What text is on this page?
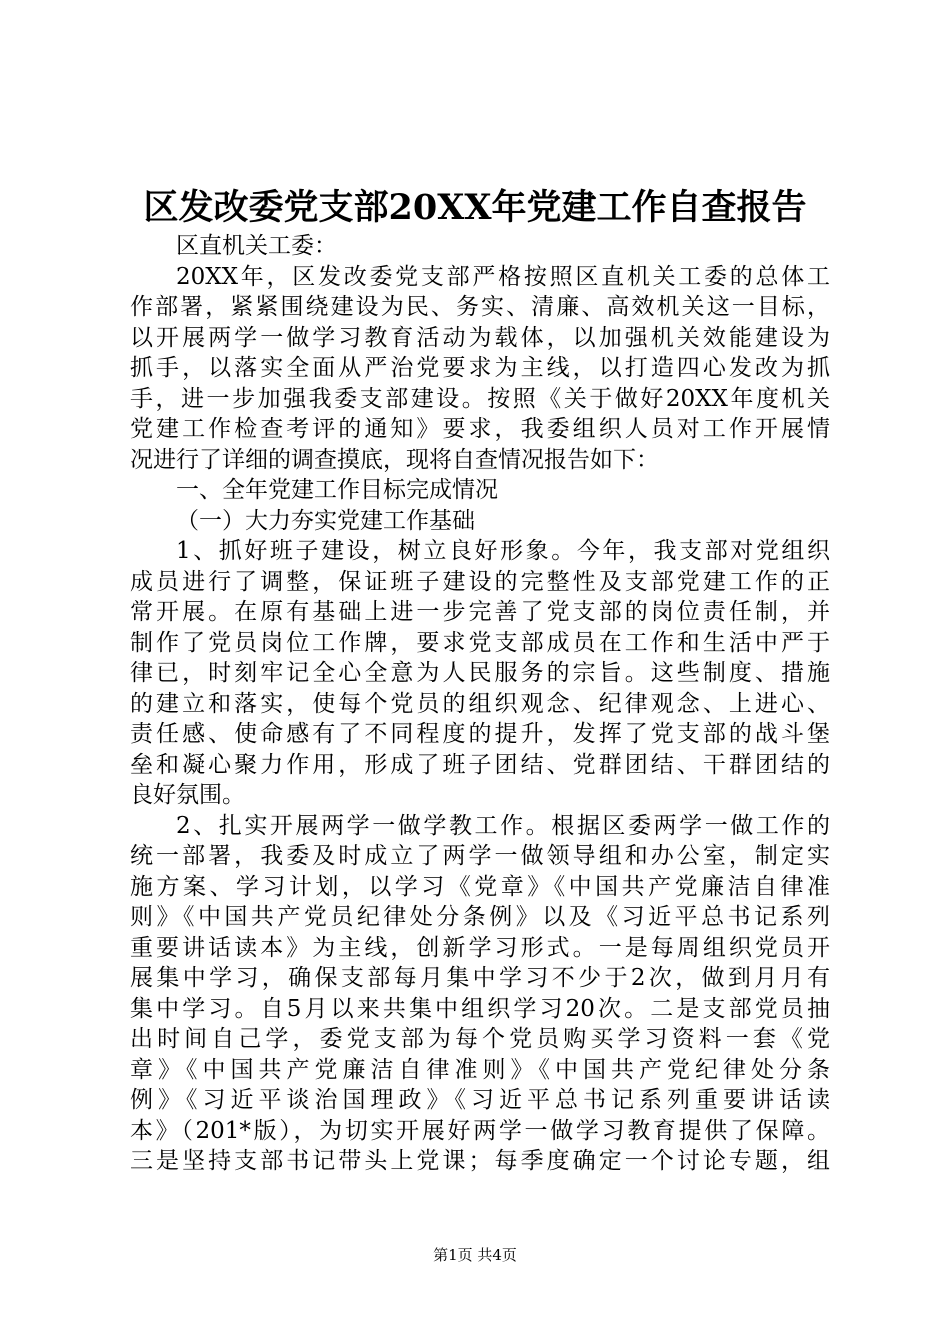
区发改委党支部20XX年党建工作自查报告
区直机关工委：
20XX年，区发改委党支部严格按照区直机关工委的总体工
作部署，紧紧围绕建设为民、务实、清廉、高效机关这一目标，
以开展两学一做学习教育活动为载体，以加强机关效能建设为
抓手，以落实全面从严治党要求为主线，以打造四心发改为抓
手，进一步加强我委支部建设。按照《关于做好20XX年度机关
党建工作检查考评的通知》要求，我委组织人员对工作开展情
况进行了详细的调查摸底，现将自查情况报告如下：
一、全年党建工作目标完成情况
（一）大力夯实党建工作基础
1、抓好班子建设，树立良好形象。今年，我支部对党组织
成员进行了调整，保证班子建设的完整性及支部党建工作的正
常开展。在原有基础上进一步完善了党支部的岗位责任制，并
制作了党员岗位工作牌，要求党支部成员在工作和生活中严于
律已，时刻牢记全心全意为人民服务的宗旨。这些制度、措施
的建立和落实，使每个党员的组织观念、纪律观念、上进心、
责任感、使命感有了不同程度的提升，发挥了党支部的战斗堡
垒和凝心聚力作用，形成了班子团结、党群团结、干群团结的
良好氛围。
2、扎实开展两学一做学教工作。根据区委两学一做工作的
统一部署，我委及时成立了两学一做领导组和办公室，制定实
施方案、学习计划，以学习《党章》《中国共产党廉洁自律准
则》《中国共产党员纪律处分条例》以及《习近平总书记系列
重要讲话读本》为主线，创新学习形式。一是每周组织党员开
展集中学习，确保支部每月集中学习不少于2次，做到月月有
集中学习。自5月以来共集中组织学习20次。二是支部党员抽
出时间自己学，委党支部为每个党员购买学习资料一套《党
章》《中国共产党廉洁自律准则》《中国共产党纪律处分条
例》《习近平谈治国理政》《习近平总书记系列重要讲话读
本》（201*版），为切实开展好两学一做学习教育提供了保障。
三是坚持支部书记带头上党课；每季度确定一个讨论专题，组
第1页 共4页
